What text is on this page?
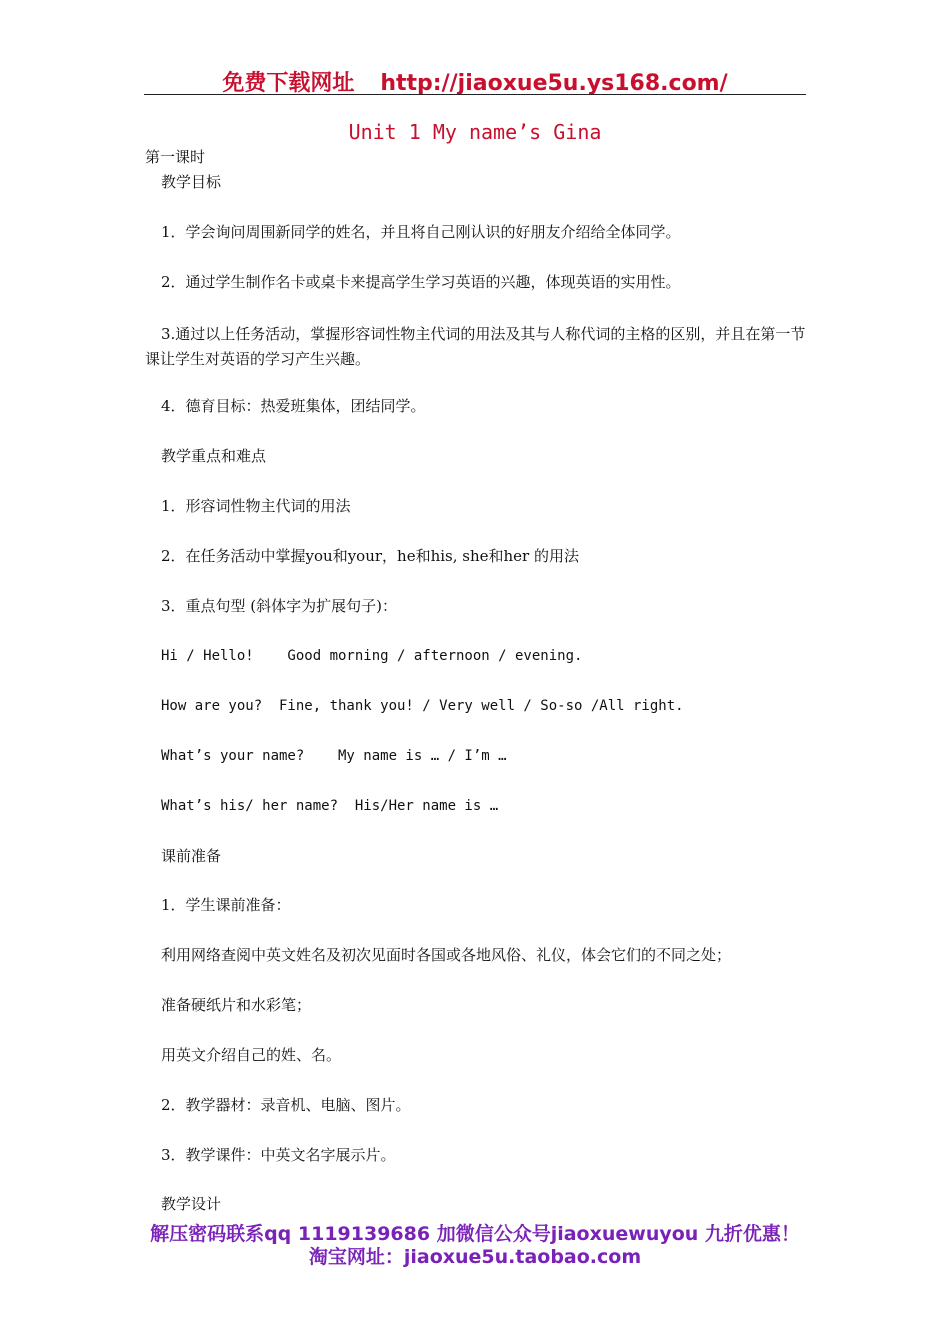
免费下载网址 http://jiaoxue5u.ys168.com/
Unit 1 My name’s Gina
第一课时
教学目标
1．学会询问周围新同学的姓名，并且将自己刚认识的好朋友介绍给全体同学。
2．通过学生制作名卡或桌卡来提高学生学习英语的兴趣，体现英语的实用性。
3.通过以上任务活动，掌握形容词性物主代词的用法及其与人称代词的主格的区别，并且在第一节课让学生对英语的学习产生兴趣。
4．德育目标：热爱班集体，团结同学。
教学重点和难点
1．形容词性物主代词的用法
2．在任务活动中掌握you和your，he和his, she和her 的用法
3．重点句型 (斜体字为扩展句子)：
Hi / Hello!    Good morning / afternoon / evening.
How are you?  Fine, thank you! / Very well / So-so /All right.
What’s your name?    My name is … / I’m …
What’s his/ her name?  His/Her name is …
课前准备
1．学生课前准备：
利用网络查阅中英文姓名及初次见面时各国或各地风俗、礼仪，体会它们的不同之处；
准备硬纸片和水彩笔；
用英文介绍自己的姓、名。
2．教学器材：录音机、电脑、图片。
3．教学课件：中英文名字展示片。
教学设计
解压密码联系qq 1119139686 加微信公众号jiaoxuewuyou 九折优惠！
淘宝网址：jiaoxue5u.taobao.com
